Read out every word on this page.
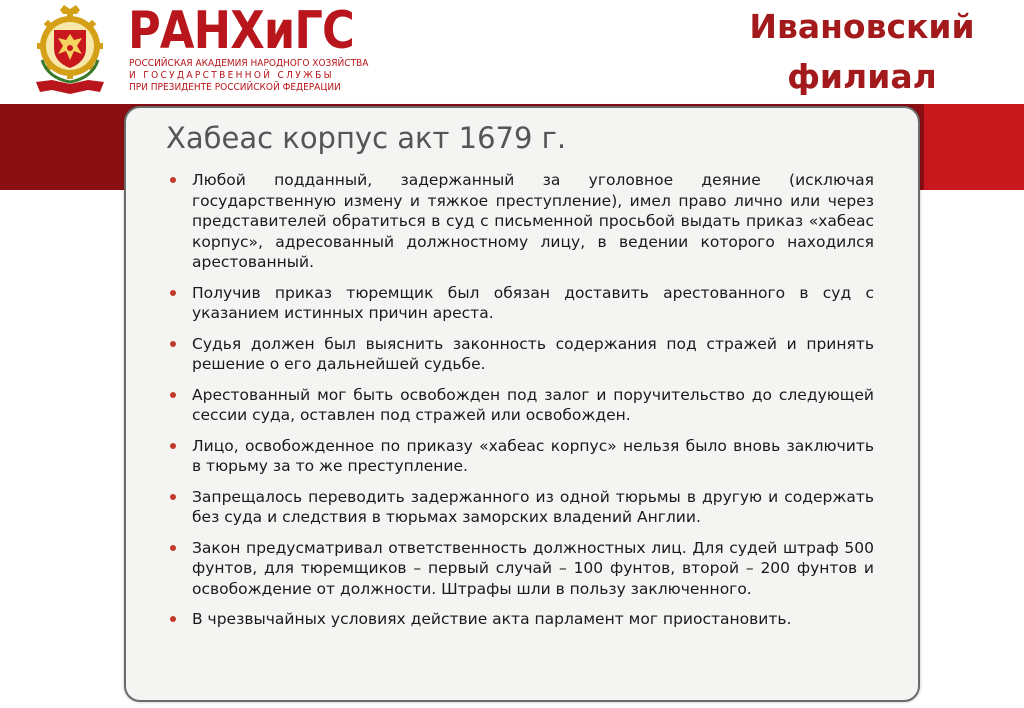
РАНХиГС
РОССИЙСКАЯ АКАДЕМИЯ НАРОДНОГО ХОЗЯЙСТВА
И ГОСУДАРСТВЕННОЙ СЛУЖБЫ
ПРИ ПРЕЗИДЕНТЕ РОССИЙСКОЙ ФЕДЕРАЦИИ
Ивановский
филиал
Хабеас корпус акт 1679 г.
Любой подданный, задержанный за уголовное деяние (исключая государственную измену и тяжкое преступление), имел право лично или через представителей обратиться в суд с письменной просьбой выдать приказ «хабеас корпус», адресованный должностному лицу, в ведении которого находился арестованный.
Получив приказ тюремщик был обязан доставить арестованного в суд с указанием истинных причин ареста.
Судья должен был выяснить законность содержания под стражей и принять решение о его дальнейшей судьбе.
Арестованный мог быть освобожден под залог и поручительство до следующей сессии суда, оставлен под стражей или освобожден.
Лицо, освобожденное по приказу «хабеас корпус» нельзя было вновь заключить в тюрьму за то же преступление.
Запрещалось переводить задержанного из одной тюрьмы в другую и содержать без суда и следствия в тюрьмах заморских владений Англии.
Закон предусматривал ответственность должностных лиц. Для судей штраф 500 фунтов, для тюремщиков – первый случай – 100 фунтов, второй – 200 фунтов и освобождение от должности. Штрафы шли в пользу заключенного.
В чрезвычайных условиях действие акта парламент мог приостановить.
